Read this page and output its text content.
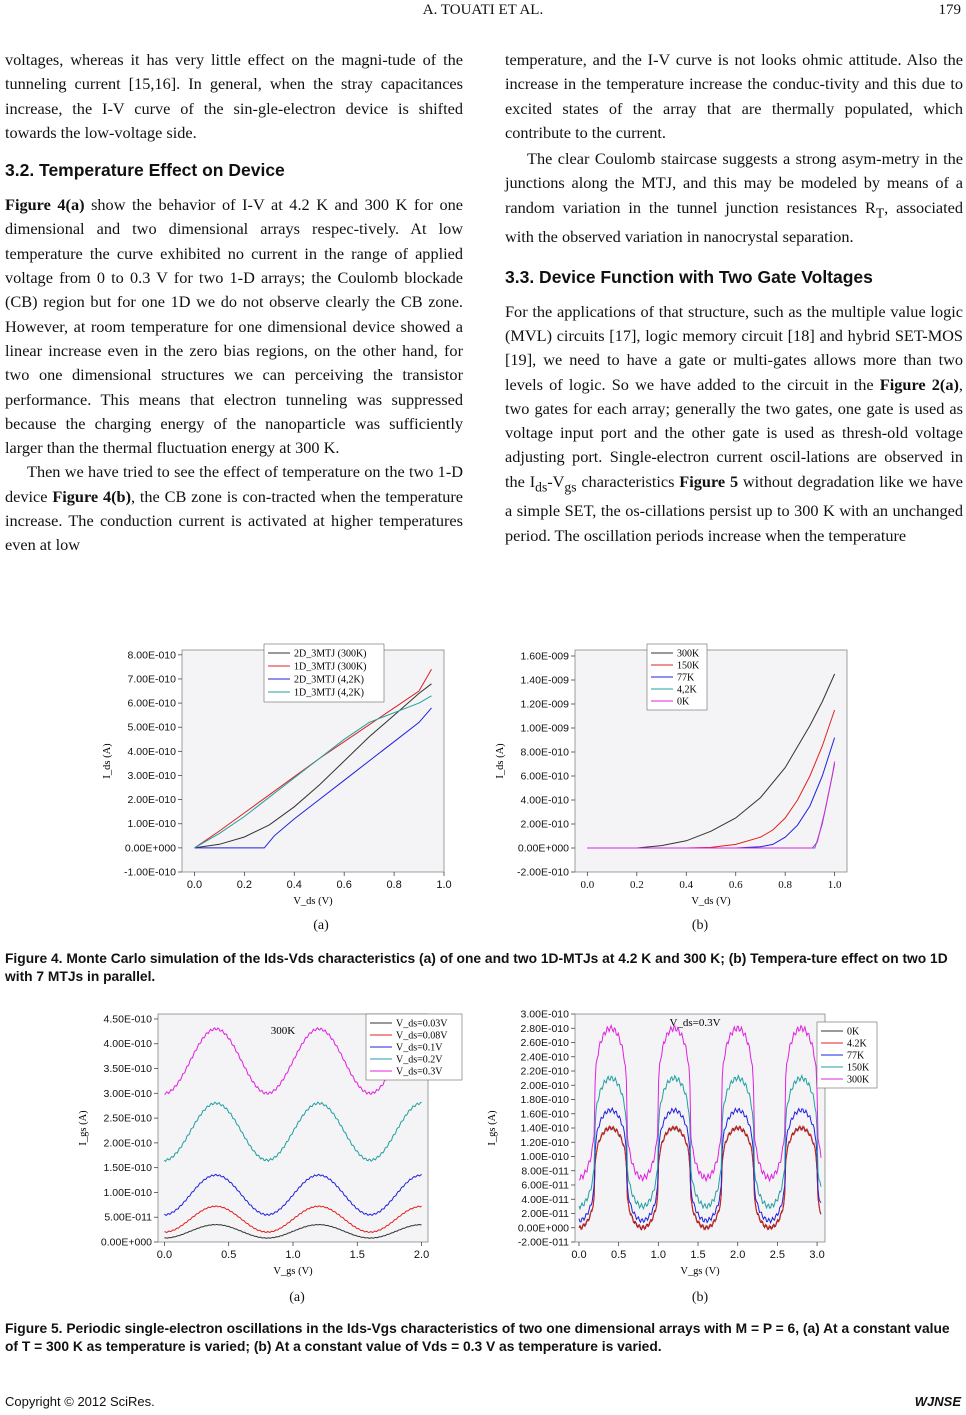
A. TOUATI ET AL.	179

voltages, whereas it has very little effect on the magni-tude of the tunneling current [15,16]. In general, when the stray capacitances increase, the I-V curve of the sin-gle-electron device is shifted towards the low-voltage side.

3.2. Temperature Effect on Device

Figure 4(a) show the behavior of I-V at 4.2 K and 300 K for one dimensional and two dimensional arrays respec-tively. At low temperature the curve exhibited no current in the range of applied voltage from 0 to 0.3 V for two 1-D arrays; the Coulomb blockade (CB) region but for one 1D we do not observe clearly the CB zone. However, at room temperature for one dimensional device showed a linear increase even in the zero bias regions, on the other hand, for two one dimensional structures we can perceiving the transistor performance. This means that electron tunneling was suppressed because the charging energy of the nanoparticle was sufficiently larger than the thermal fluctuation energy at 300 K.

Then we have tried to see the effect of temperature on the two 1-D device Figure 4(b), the CB zone is con-tracted when the temperature increase. The conduction current is activated at higher temperatures even at low

temperature, and the I-V curve is not looks ohmic attitude. Also the increase in the temperature increase the conduc-tivity and this due to excited states of the array that are thermally populated, which contribute to the current.

The clear Coulomb staircase suggests a strong asym-metry in the junctions along the MTJ, and this may be modeled by means of a random variation in the tunnel junction resistances $R_T$, associated with the observed variation in nanocrystal separation.

3.3. Device Function with Two Gate Voltages

For the applications of that structure, such as the multiple value logic (MVL) circuits [17], logic memory circuit [18] and hybrid SET-MOS [19], we need to have a gate or multi-gates allows more than two levels of logic. So we have added to the circuit in the Figure 2(a), two gates for each array; generally the two gates, one gate is used as voltage input port and the other gate is used as thresh-old voltage adjusting port. Single-electron current oscil-lations are observed in the $I_{ds}-V_{gs}$ characteristics Figure 5 without degradation like we have a simple SET, the os-cillations persist up to 300 K with an unchanged period. The oscillation periods increase when the temperature

-1.00E-010
0.00E+000
1.00E-010
2.00E-010
3.00E-010
4.00E-010
5.00E-010
6.00E-010
7.00E-010
8.00E-010
0.0	0.2	0.4	0.6	0.8	1.0
V_ds (V)
I_ds (A)
2D_3MTJ (300K)
1D_3MTJ (300K)
2D_3MTJ (4,2K)
1D_3MTJ (4,2K)
-2.00E-010
0.00E+000
2.00E-010
4.00E-010
6.00E-010
8.00E-010
1.00E-009
1.20E-009
1.40E-009
1.60E-009
0.0	0.2	0.4	0.6	0.8	1.0
V_ds (V)
I_ds (A)
300K
150K
77K
4,2K
0K
(a)	(b)
Figure 4. Monte Carlo simulation of the Ids-Vds characteristics (a) of one and two 1D-MTJs at 4.2 K and 300 K; (b) Tempera-ture effect on two 1D with 7 MTJs in parallel.
0.00E+000
5.00E-011
1.00E-010
1.50E-010
2.00E-010
2.50E-010
3.00E-010
3.50E-010
4.00E-010
4.50E-010
0.0	0.5	1.0	1.5	2.0
V_gs (V)
I_gs (A)
300K
V_ds=0.03V
V_ds=0.08V
V_ds=0.1V
V_ds=0.2V
V_ds=0.3V
-2.00E-011
0.00E+000
2.00E-011
4.00E-011
6.00E-011
8.00E-011
1.00E-010
1.20E-010
1.40E-010
1.60E-010
1.80E-010
2.00E-010
2.20E-010
2.40E-010
2.60E-010
2.80E-010
3.00E-010
0.0 0.5 1.0 1.5 2.0 2.5 3.0
V_gs (V)
I_gs (A)
V_ds=0.3V
0K
4.2K
77K
150K
300K
(a)	(b)
Figure 5. Periodic single-electron oscillations in the Ids-Vgs characteristics of two one dimensional arrays with M = P = 6, (a) At a constant value of T = 300 K as temperature is varied; (b) At a constant value of Vds = 0.3 V as temperature is varied.
Copyright © 2012 SciRes.	WJNSE
